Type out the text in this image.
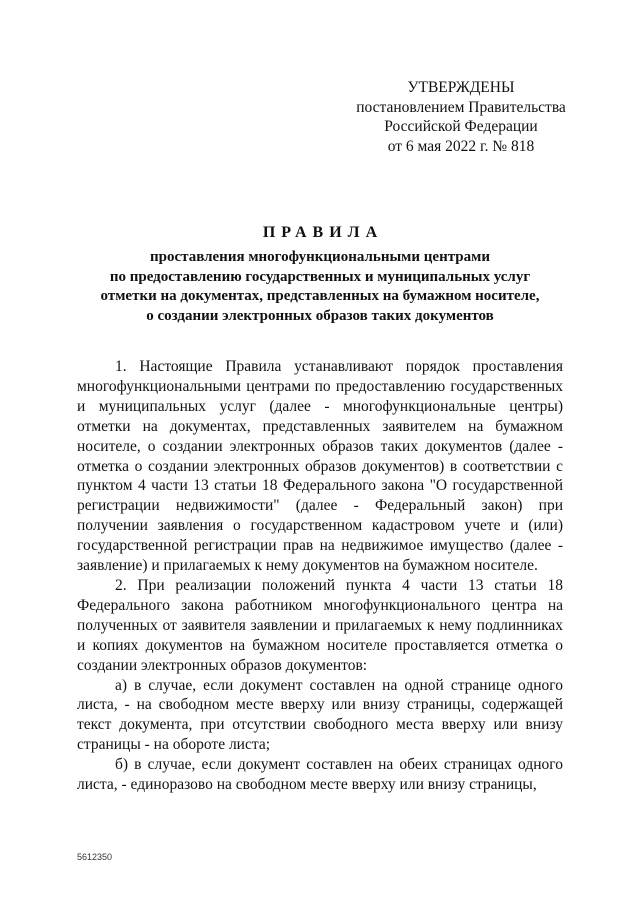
УТВЕРЖДЕНЫ
постановлением Правительства
Российской Федерации
от 6 мая 2022 г. № 818
ПРАВИЛА
проставления многофункциональными центрами
по предоставлению государственных и муниципальных услуг
отметки на документах, представленных на бумажном носителе,
о создании электронных образов таких документов

1. Настоящие Правила устанавливают порядок проставления многофункциональными центрами по предоставлению государственных и муниципальных услуг (далее - многофункциональные центры) отметки на документах, представленных заявителем на бумажном носителе, о создании электронных образов таких документов (далее - отметка о создании электронных образов документов) в соответствии с пунктом 4 части 13 статьи 18 Федерального закона "О государственной регистрации недвижимости" (далее - Федеральный закон) при получении заявления о государственном кадастровом учете и (или) государственной регистрации прав на недвижимое имущество (далее - заявление) и прилагаемых к нему документов на бумажном носителе.

2. При реализации положений пункта 4 части 13 статьи 18 Федерального закона работником многофункционального центра на полученных от заявителя заявлении и прилагаемых к нему подлинниках и копиях документов на бумажном носителе проставляется отметка о создании электронных образов документов:

а) в случае, если документ составлен на одной странице одного листа, - на свободном месте вверху или внизу страницы, содержащей текст документа, при отсутствии свободного места вверху или внизу страницы - на обороте листа;

б) в случае, если документ составлен на обеих страницах одного листа, - единоразово на свободном месте вверху или внизу страницы,

5612350
